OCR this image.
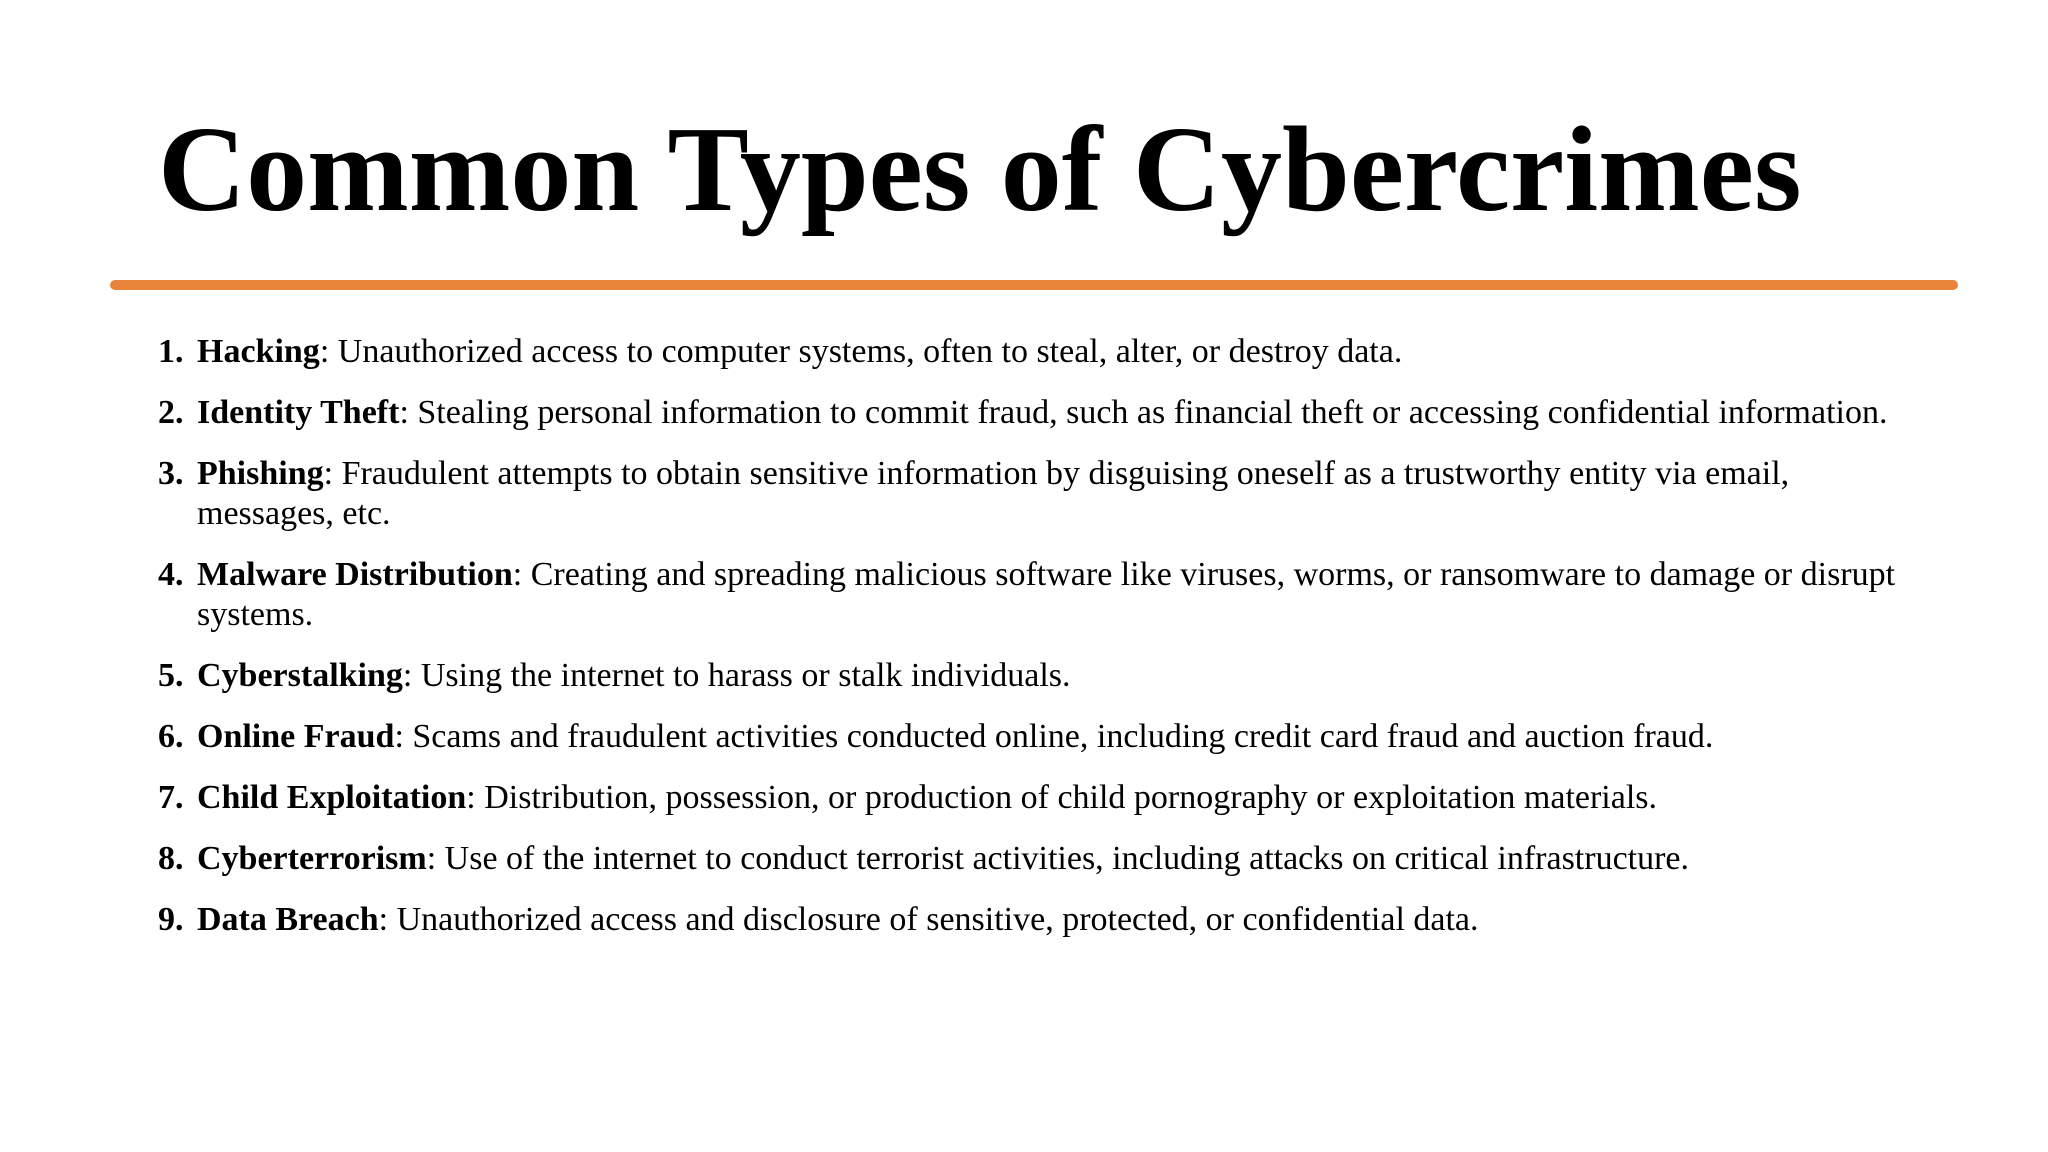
Common Types of Cybercrimes
1. Hacking: Unauthorized access to computer systems, often to steal, alter, or destroy data.
2. Identity Theft: Stealing personal information to commit fraud, such as financial theft or accessing confidential information.
3. Phishing: Fraudulent attempts to obtain sensitive information by disguising oneself as a trustworthy entity via email, messages, etc.
4. Malware Distribution: Creating and spreading malicious software like viruses, worms, or ransomware to damage or disrupt systems.
5. Cyberstalking: Using the internet to harass or stalk individuals.
6. Online Fraud: Scams and fraudulent activities conducted online, including credit card fraud and auction fraud.
7. Child Exploitation: Distribution, possession, or production of child pornography or exploitation materials.
8. Cyberterrorism: Use of the internet to conduct terrorist activities, including attacks on critical infrastructure.
9. Data Breach: Unauthorized access and disclosure of sensitive, protected, or confidential data.
